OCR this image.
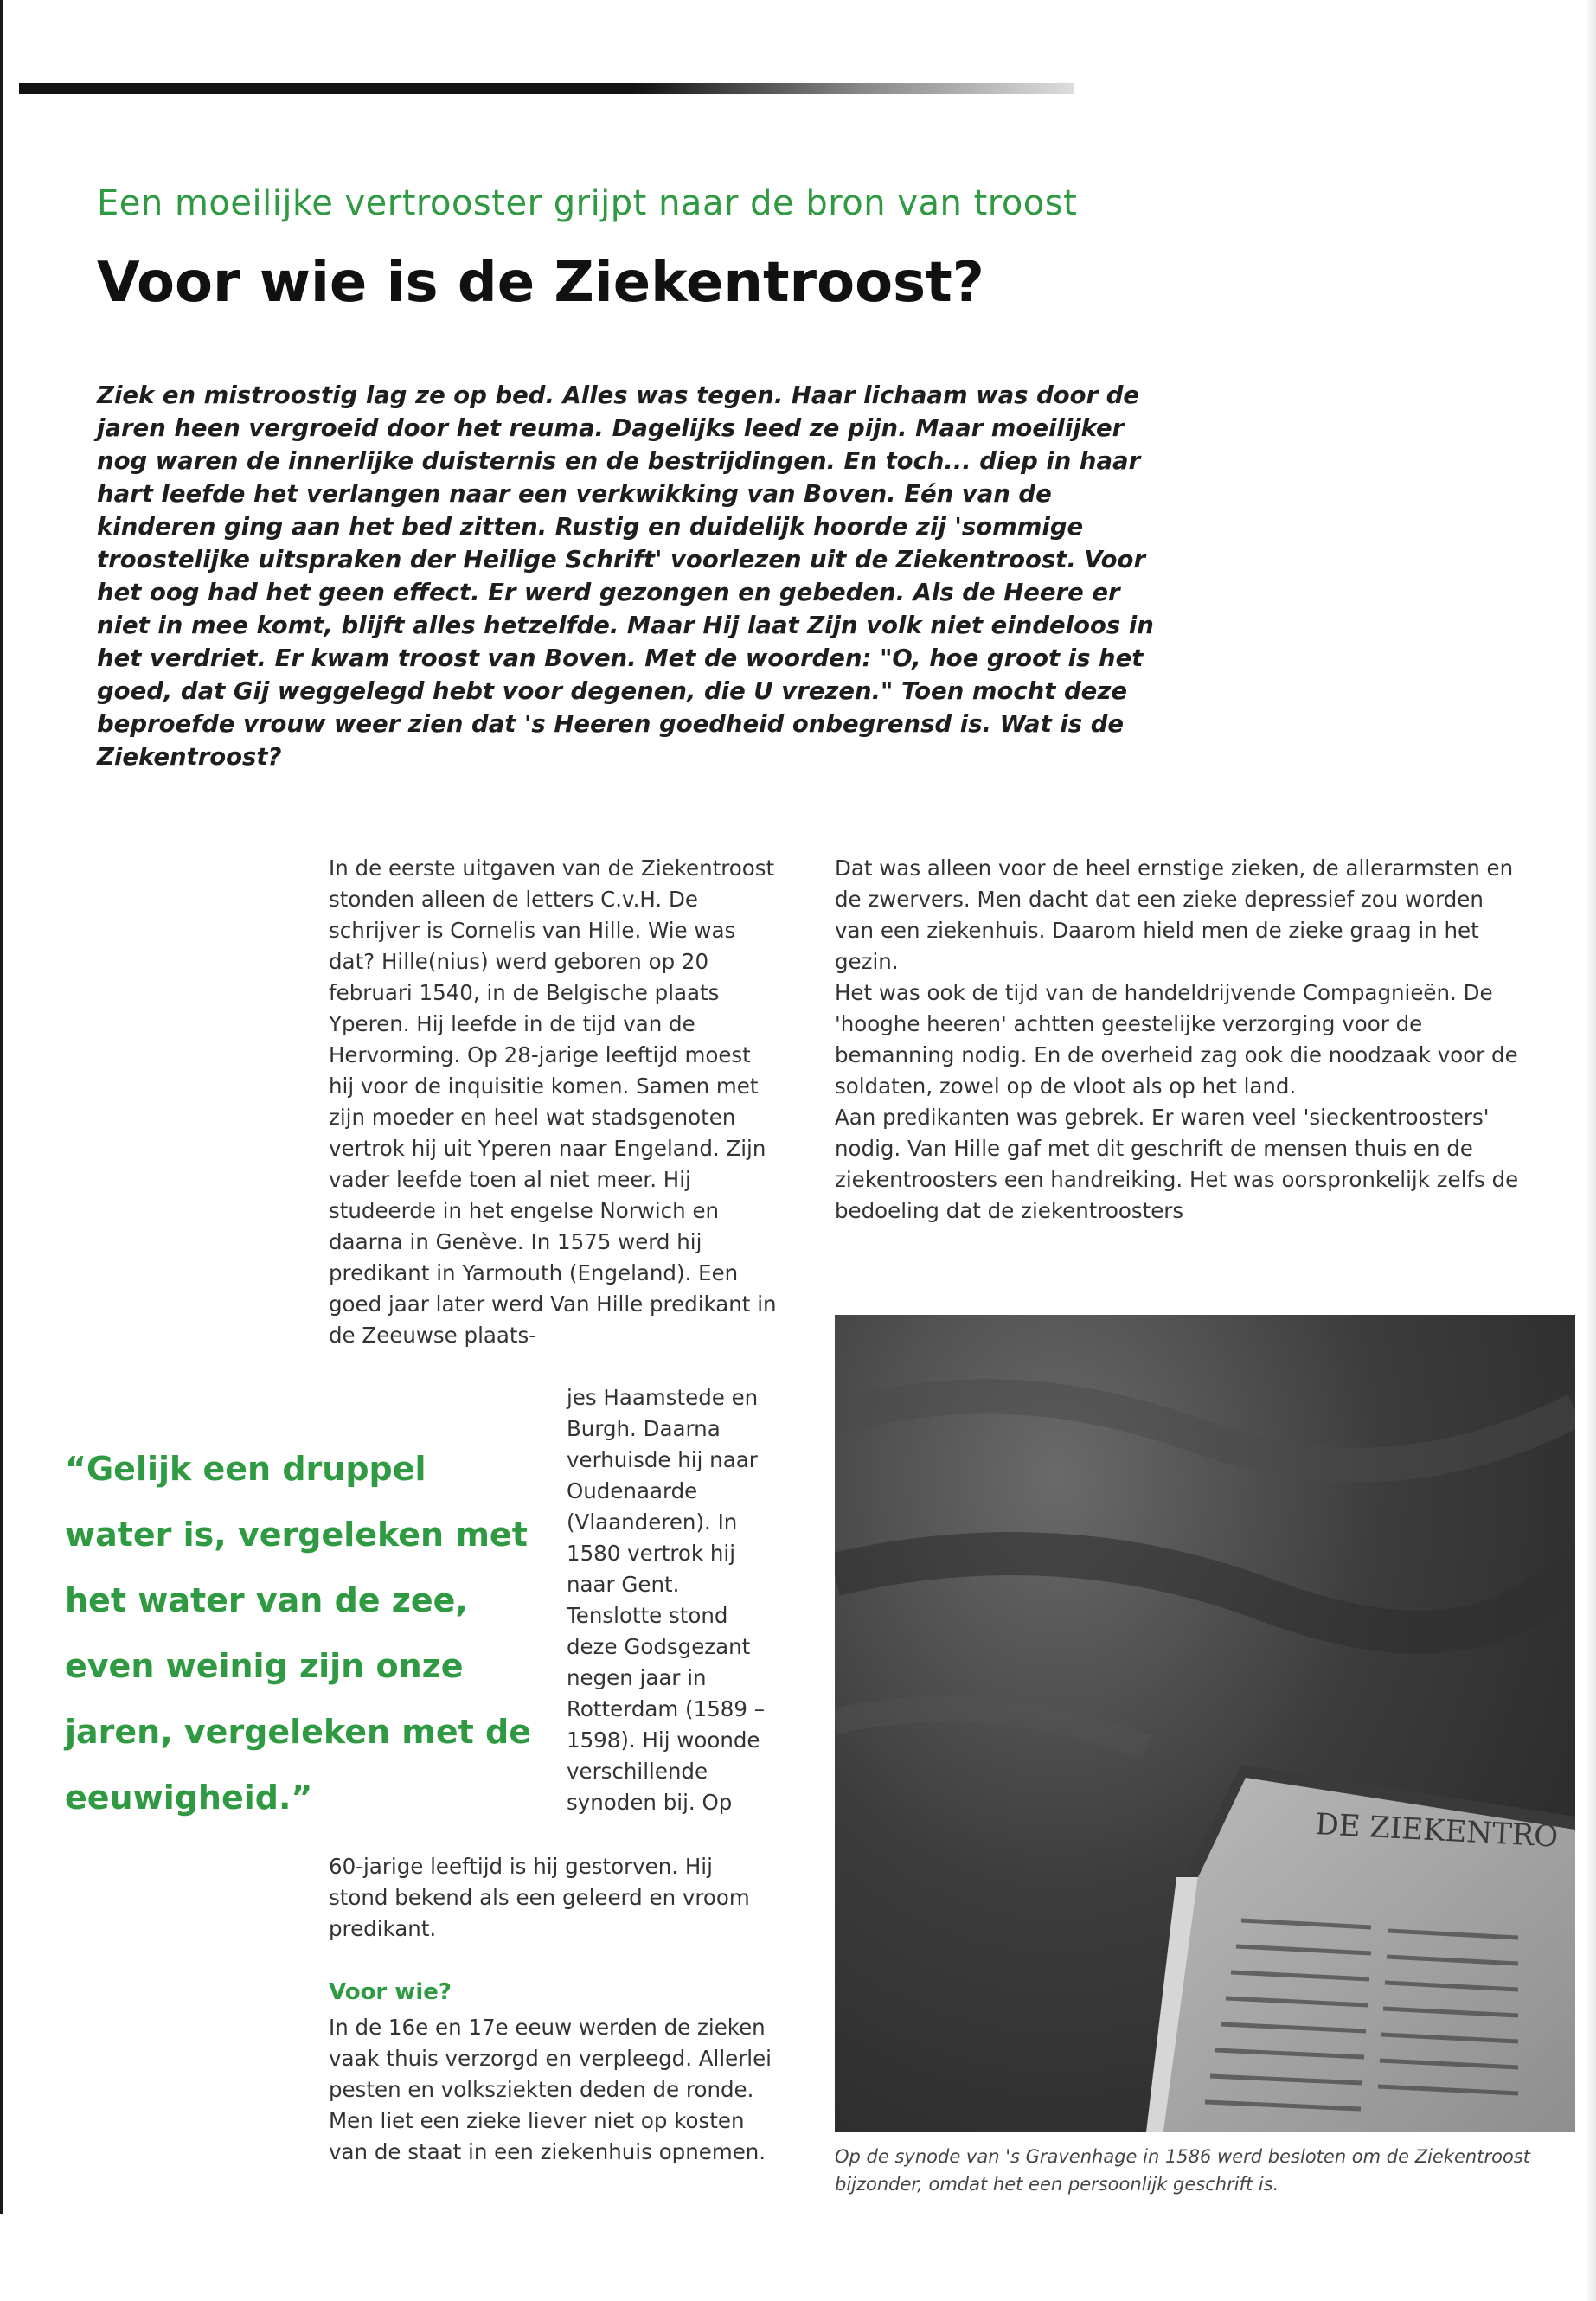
Een moeilijke vertrooster grijpt naar de bron van troost
Voor wie is de Ziekentroost?

Ziek en mistroostig lag ze op bed. Alles was tegen. Haar lichaam was door de jaren heen vergroeid door het reuma. Dagelijks leed ze pijn. Maar moeilijker nog waren de innerlijke duisternis en de bestrijdingen. En toch... diep in haar hart leefde het verlangen naar een verkwikking van Boven. Eén van de kinderen ging aan het bed zitten. Rustig en duidelijk hoorde zij 'sommige troostelijke uitspraken der Heilige Schrift' voorlezen uit de Ziekentroost. Voor het oog had het geen effect. Er werd gezongen en gebeden. Als de Heere er niet in mee komt, blijft alles hetzelfde. Maar Hij laat Zijn volk niet eindeloos in het verdriet. Er kwam troost van Boven. Met de woorden: "O, hoe groot is het goed, dat Gij weggelegd hebt voor degenen, die U vrezen." Toen mocht deze beproefde vrouw weer zien dat 's Heeren goedheid onbegrensd is. Wat is de Ziekentroost?

In de eerste uitgaven van de Ziekentroost stonden alleen de letters C.v.H. De schrijver is Cornelis van Hille. Wie was dat? Hille(nius) werd geboren op 20 februari 1540, in de Belgische plaats Yperen. Hij leefde in de tijd van de Hervorming. Op 28-jarige leeftijd moest hij voor de inquisitie komen. Samen met zijn moeder en heel wat stadsgenoten vertrok hij uit Yperen naar Engeland. Zijn vader leefde toen al niet meer. Hij studeerde in het engelse Norwich en daarna in Genève. In 1575 werd hij predikant in Yarmouth (Engeland). Een goed jaar later werd Van Hille predikant in de Zeeuwse plaats-

jes Haamstede en Burgh. Daarna verhuisde hij naar Oudenaarde (Vlaanderen). In 1580 vertrok hij naar Gent. Tenslotte stond deze Godsgezant negen jaar in Rotterdam (1589 – 1598). Hij woonde verschillende synoden bij. Op

60-jarige leeftijd is hij gestorven. Hij stond bekend als een geleerd en vroom predikant.

Voor wie?

In de 16e en 17e eeuw werden de zieken vaak thuis verzorgd en verpleegd. Allerlei pesten en volksziekten deden de ronde. Men liet een zieke liever niet op kosten van de staat in een ziekenhuis opnemen.

Dat was alleen voor de heel ernstige zieken, de allerarmsten en de zwervers. Men dacht dat een zieke depressief zou worden van een ziekenhuis. Daarom hield men de zieke graag in het gezin.

Het was ook de tijd van de handeldrijvende Compagnieën. De 'hooghe heeren' achtten geestelijke verzorging voor de bemanning nodig. En de overheid zag ook die noodzaak voor de soldaten, zowel op de vloot als op het land.

Aan predikanten was gebrek. Er waren veel 'sieckentroosters' nodig. Van Hille gaf met dit geschrift de mensen thuis en de ziekentroosters een handreiking. Het was oorspronkelijk zelfs de bedoeling dat de ziekentroosters

“Gelijk een druppel water is, vergeleken met het water van de zee, even weinig zijn onze jaren, vergeleken met de eeuwigheid.”

DE ZIEKENTRO

Op de synode van 's Gravenhage in 1586 werd besloten om de Ziekentroost bijzonder, omdat het een persoonlijk geschrift is.
